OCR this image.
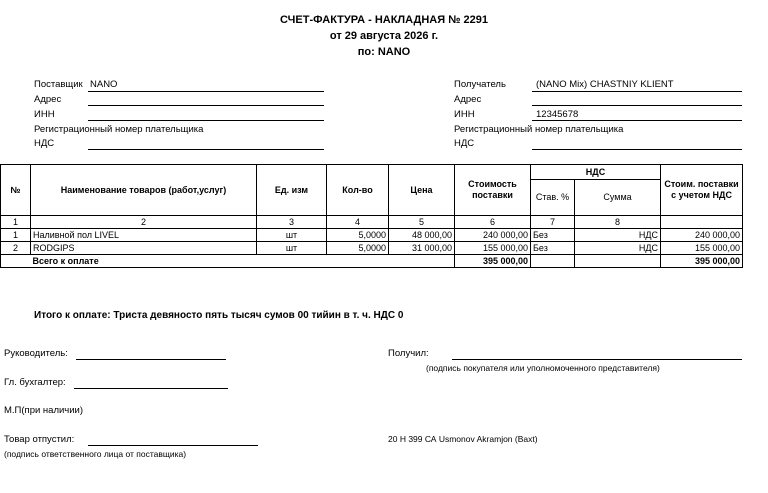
СЧЕТ-ФАКТУРА - НАКЛАДНАЯ № 2291
от 29 августа 2026 г.
по: NANO
Поставщик NANO
Адрес
ИНН
Регистрационный номер плательщика
НДС
Получатель	(NANO Mix) CHASTNIY KLIENT
Адрес
ИНН	12345678
Регистрационный номер плательщика
НДС
№	Наименование товаров (работ,услуг)	Ед. изм	Кол-во	Цена	Стоимость поставки	НДС		Стоим. поставки с учетом НДС
						Став. %	Сумма	
1	2	3	4	5	6	7	8	
1	Наливной пол LIVEL	шт	5,0000	48 000,00	240 000,00	Без	НДС	240 000,00
2	RODGIPS	шт	5,0000	31 000,00	155 000,00	Без	НДС	155 000,00
	Всего к оплате				395 000,00			395 000,00
Итого к оплате: Триста девяносто пять тысяч сумов 00 тийин в т. ч. НДС 0
Руководитель:
Гл. бухгалтер:
М.П(при наличии)
Товар отпустил:
(подпись ответственного лица от поставщика)
Получил:
(подпись покупателя или уполномоченного представителя)
20 H 399 СА Usmonov Akramjon (Baxt)
